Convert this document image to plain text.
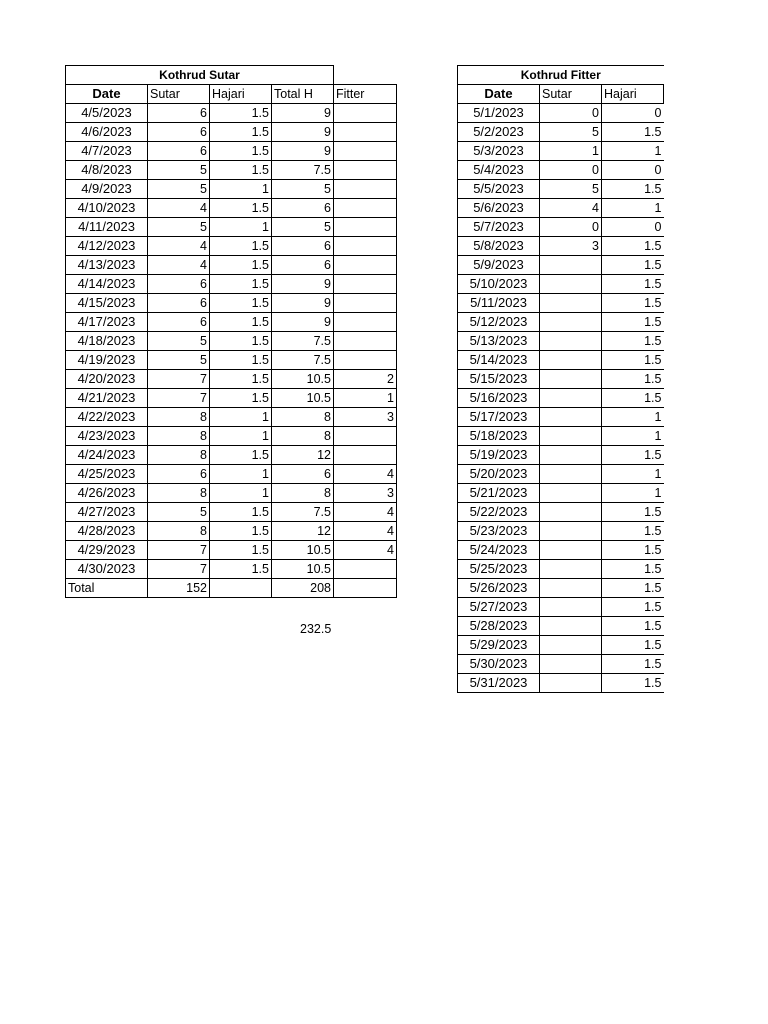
Kothrud Sutar				
Date	Sutar	Hajari	Total H	Fitter
4/5/2023	6	1.5	9	
4/6/2023	6	1.5	9	
4/7/2023	6	1.5	9	
4/8/2023	5	1.5	7.5	
4/9/2023	5	1	5	
4/10/2023	4	1.5	6	
4/11/2023	5	1	5	
4/12/2023	4	1.5	6	
4/13/2023	4	1.5	6	
4/14/2023	6	1.5	9	
4/15/2023	6	1.5	9	
4/17/2023	6	1.5	9	
4/18/2023	5	1.5	7.5	
4/19/2023	5	1.5	7.5	
4/20/2023	7	1.5	10.5	2
4/21/2023	7	1.5	10.5	1
4/22/2023	8	1	8	3
4/23/2023	8	1	8	
4/24/2023	8	1.5	12	
4/25/2023	6	1	6	4
4/26/2023	8	1	8	3
4/27/2023	5	1.5	7.5	4
4/28/2023	8	1.5	12	4
4/29/2023	7	1.5	10.5	4
4/30/2023	7	1.5	10.5	
Total	152		208	
232.5
Kothrud Fitter		
Date	Sutar	Hajari
5/1/2023	0	0
5/2/2023	5	1.5
5/3/2023	1	1
5/4/2023	0	0
5/5/2023	5	1.5
5/6/2023	4	1
5/7/2023	0	0
5/8/2023	3	1.5
5/9/2023		1.5
5/10/2023		1.5
5/11/2023		1.5
5/12/2023		1.5
5/13/2023		1.5
5/14/2023		1.5
5/15/2023		1.5
5/16/2023		1.5
5/17/2023		1
5/18/2023		1
5/19/2023		1.5
5/20/2023		1
5/21/2023		1
5/22/2023		1.5
5/23/2023		1.5
5/24/2023		1.5
5/25/2023		1.5
5/26/2023		1.5
5/27/2023		1.5
5/28/2023		1.5
5/29/2023		1.5
5/30/2023		1.5
5/31/2023		1.5
